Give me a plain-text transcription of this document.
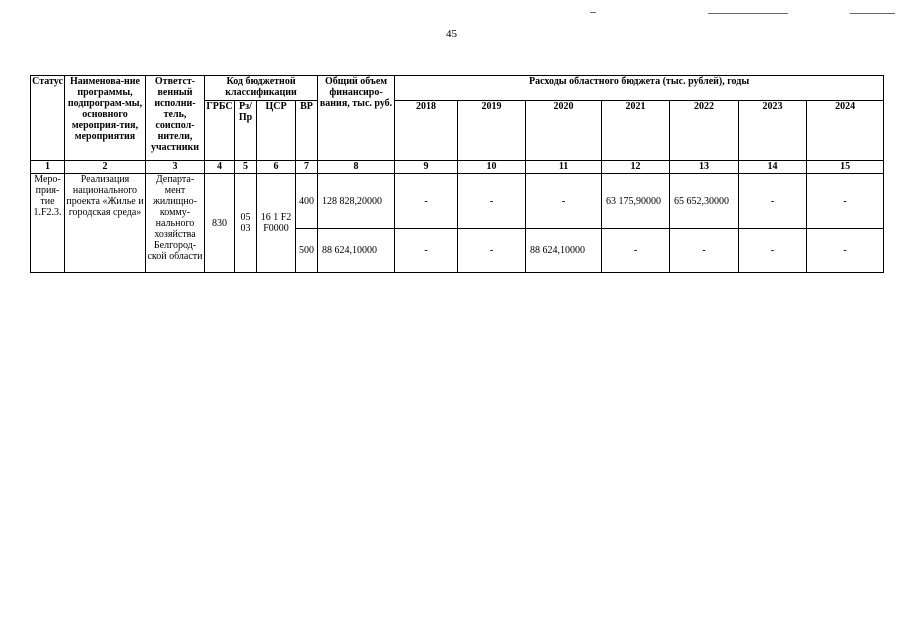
45
Статус	Наименова-ние программы, подпрограм-мы, основного мероприя-тия, мероприятия	Ответст-венный исполни-тель, соиспол-нители, участники	Код бюджетной классификации				Общий объем финансиро-вания, тыс. руб.	Расходы областного бюджета (тыс. рублей), годы						
			ГРБС	Рз/Пр	ЦСР	ВР		2018	2019	2020	2021	2022	2023	2024
1	2	3	4	5	6	7	8	9	10	11	12	13	14	15
Меро-прия-тие 1.F2.3.	Реализация национального проекта «Жилье и городская среда»	Департа-мент жилищно-комму-нального хозяйства Белгород-ской области	830	05 03	16 1 F2 F0000	400	128 828,20000	-	-	-	63 175,90000	65 652,30000	-	-
						500	88 624,10000	-	-	88 624,10000	-	-	-	-
